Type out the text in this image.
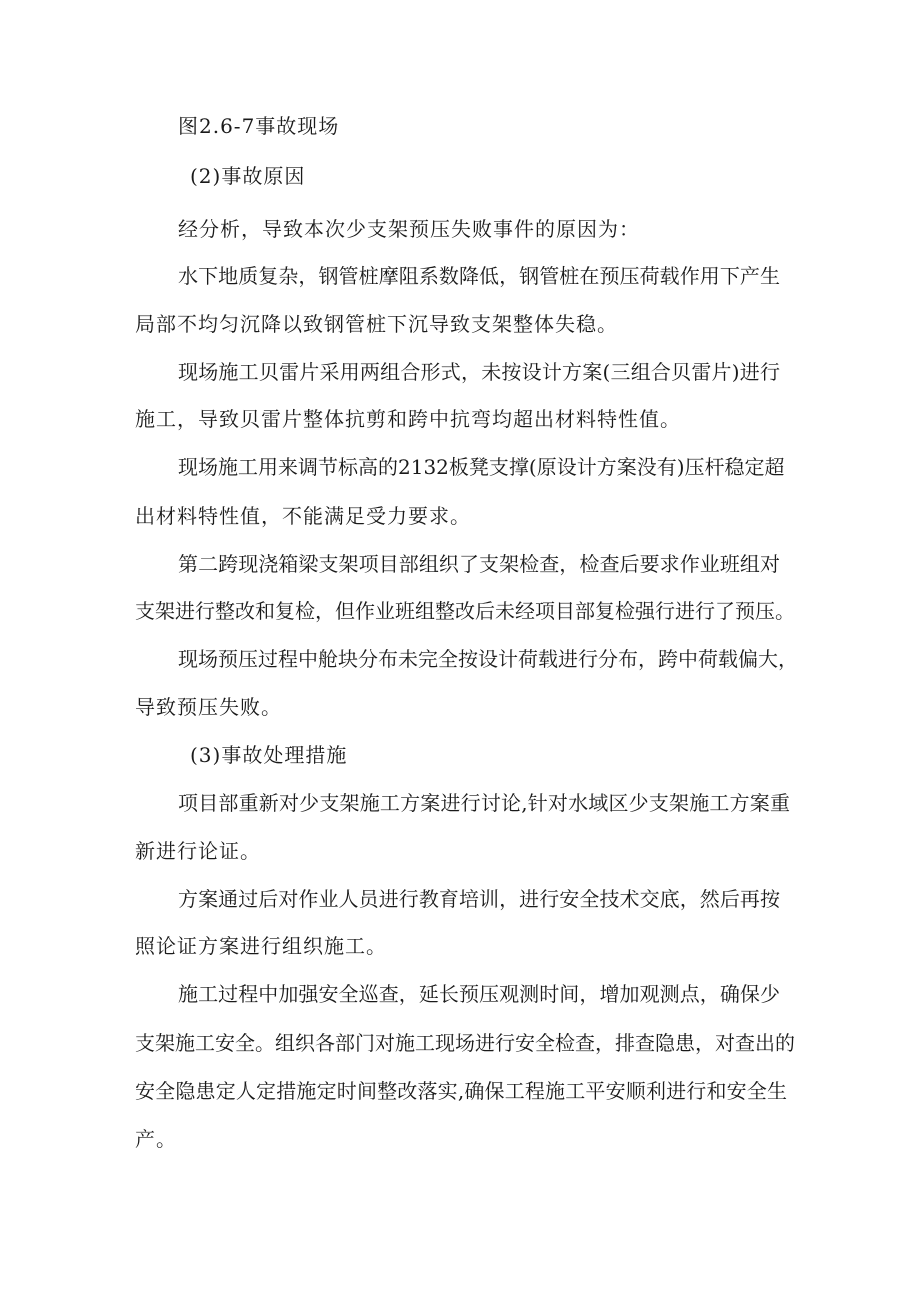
图2.6-7事故现场
(2)事故原因
经分析，导致本次少支架预压失败事件的原因为：
水下地质复杂，钢管桩摩阻系数降低，钢管桩在预压荷载作用下产生
局部不均匀沉降以致钢管桩下沉导致支架整体失稳。
现场施工贝雷片采用两组合形式，未按设计方案(三组合贝雷片)进行
施工，导致贝雷片整体抗剪和跨中抗弯均超出材料特性值。
现场施工用来调节标高的2132板凳支撑(原设计方案没有)压杆稳定超
出材料特性值，不能满足受力要求。
第二跨现浇箱梁支架项目部组织了支架检查，检查后要求作业班组对
支架进行整改和复检，但作业班组整改后未经项目部复检强行进行了预压。
现场预压过程中舱块分布未完全按设计荷载进行分布，跨中荷载偏大，
导致预压失败。
(3)事故处理措施
项目部重新对少支架施工方案进行讨论,针对水域区少支架施工方案重
新进行论证。
方案通过后对作业人员进行教育培训，进行安全技术交底，然后再按
照论证方案进行组织施工。
施工过程中加强安全巡查，延长预压观测时间，增加观测点，确保少
支架施工安全。组织各部门对施工现场进行安全检查，排查隐患，对查出的
安全隐患定人定措施定时间整改落实,确保工程施工平安顺利进行和安全生
产。
